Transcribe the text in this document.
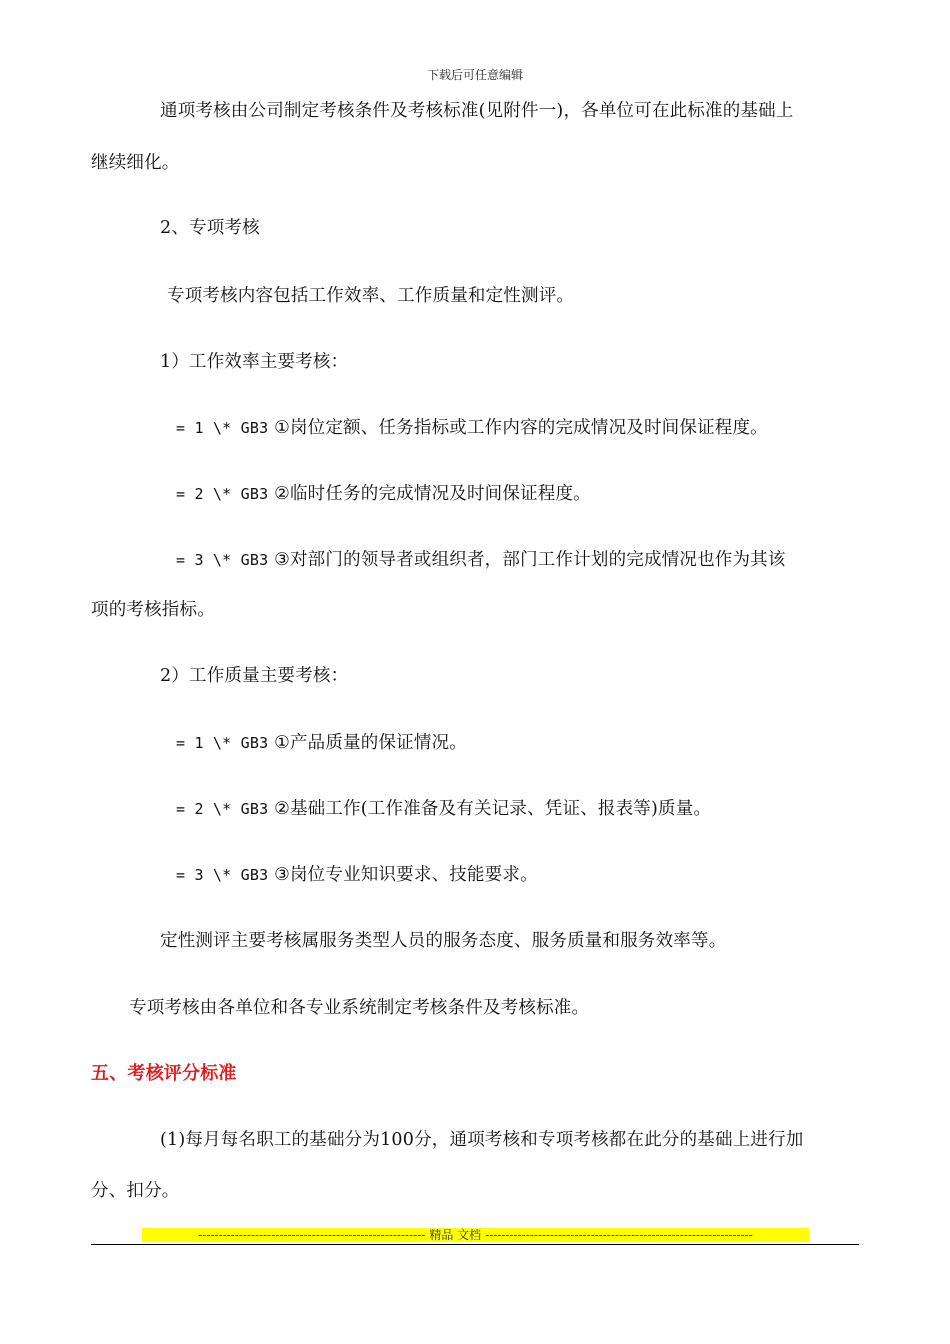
下载后可任意编辑
通项考核由公司制定考核条件及考核标准(见附件一)，各单位可在此标准的基础上
继续细化。
2、专项考核
专项考核内容包括工作效率、工作质量和定性测评。
1）工作效率主要考核：
= 1 \* GB3 ①岗位定额、任务指标或工作内容的完成情况及时间保证程度。
= 2 \* GB3 ②临时任务的完成情况及时间保证程度。
= 3 \* GB3 ③对部门的领导者或组织者，部门工作计划的完成情况也作为其该
项的考核指标。
2）工作质量主要考核：
= 1 \* GB3 ①产品质量的保证情况。
= 2 \* GB3 ②基础工作(工作准备及有关记录、凭证、报表等)质量。
= 3 \* GB3 ③岗位专业知识要求、技能要求。
定性测评主要考核属服务类型人员的服务态度、服务质量和服务效率等。
专项考核由各单位和各专业系统制定考核条件及考核标准。
五、考核评分标准
(1)每月每名职工的基础分为100分，通项考核和专项考核都在此分的基础上进行加
分、扣分。
-------------------------------------------------------- 精品 文档 ------------------------------------------------------------------
